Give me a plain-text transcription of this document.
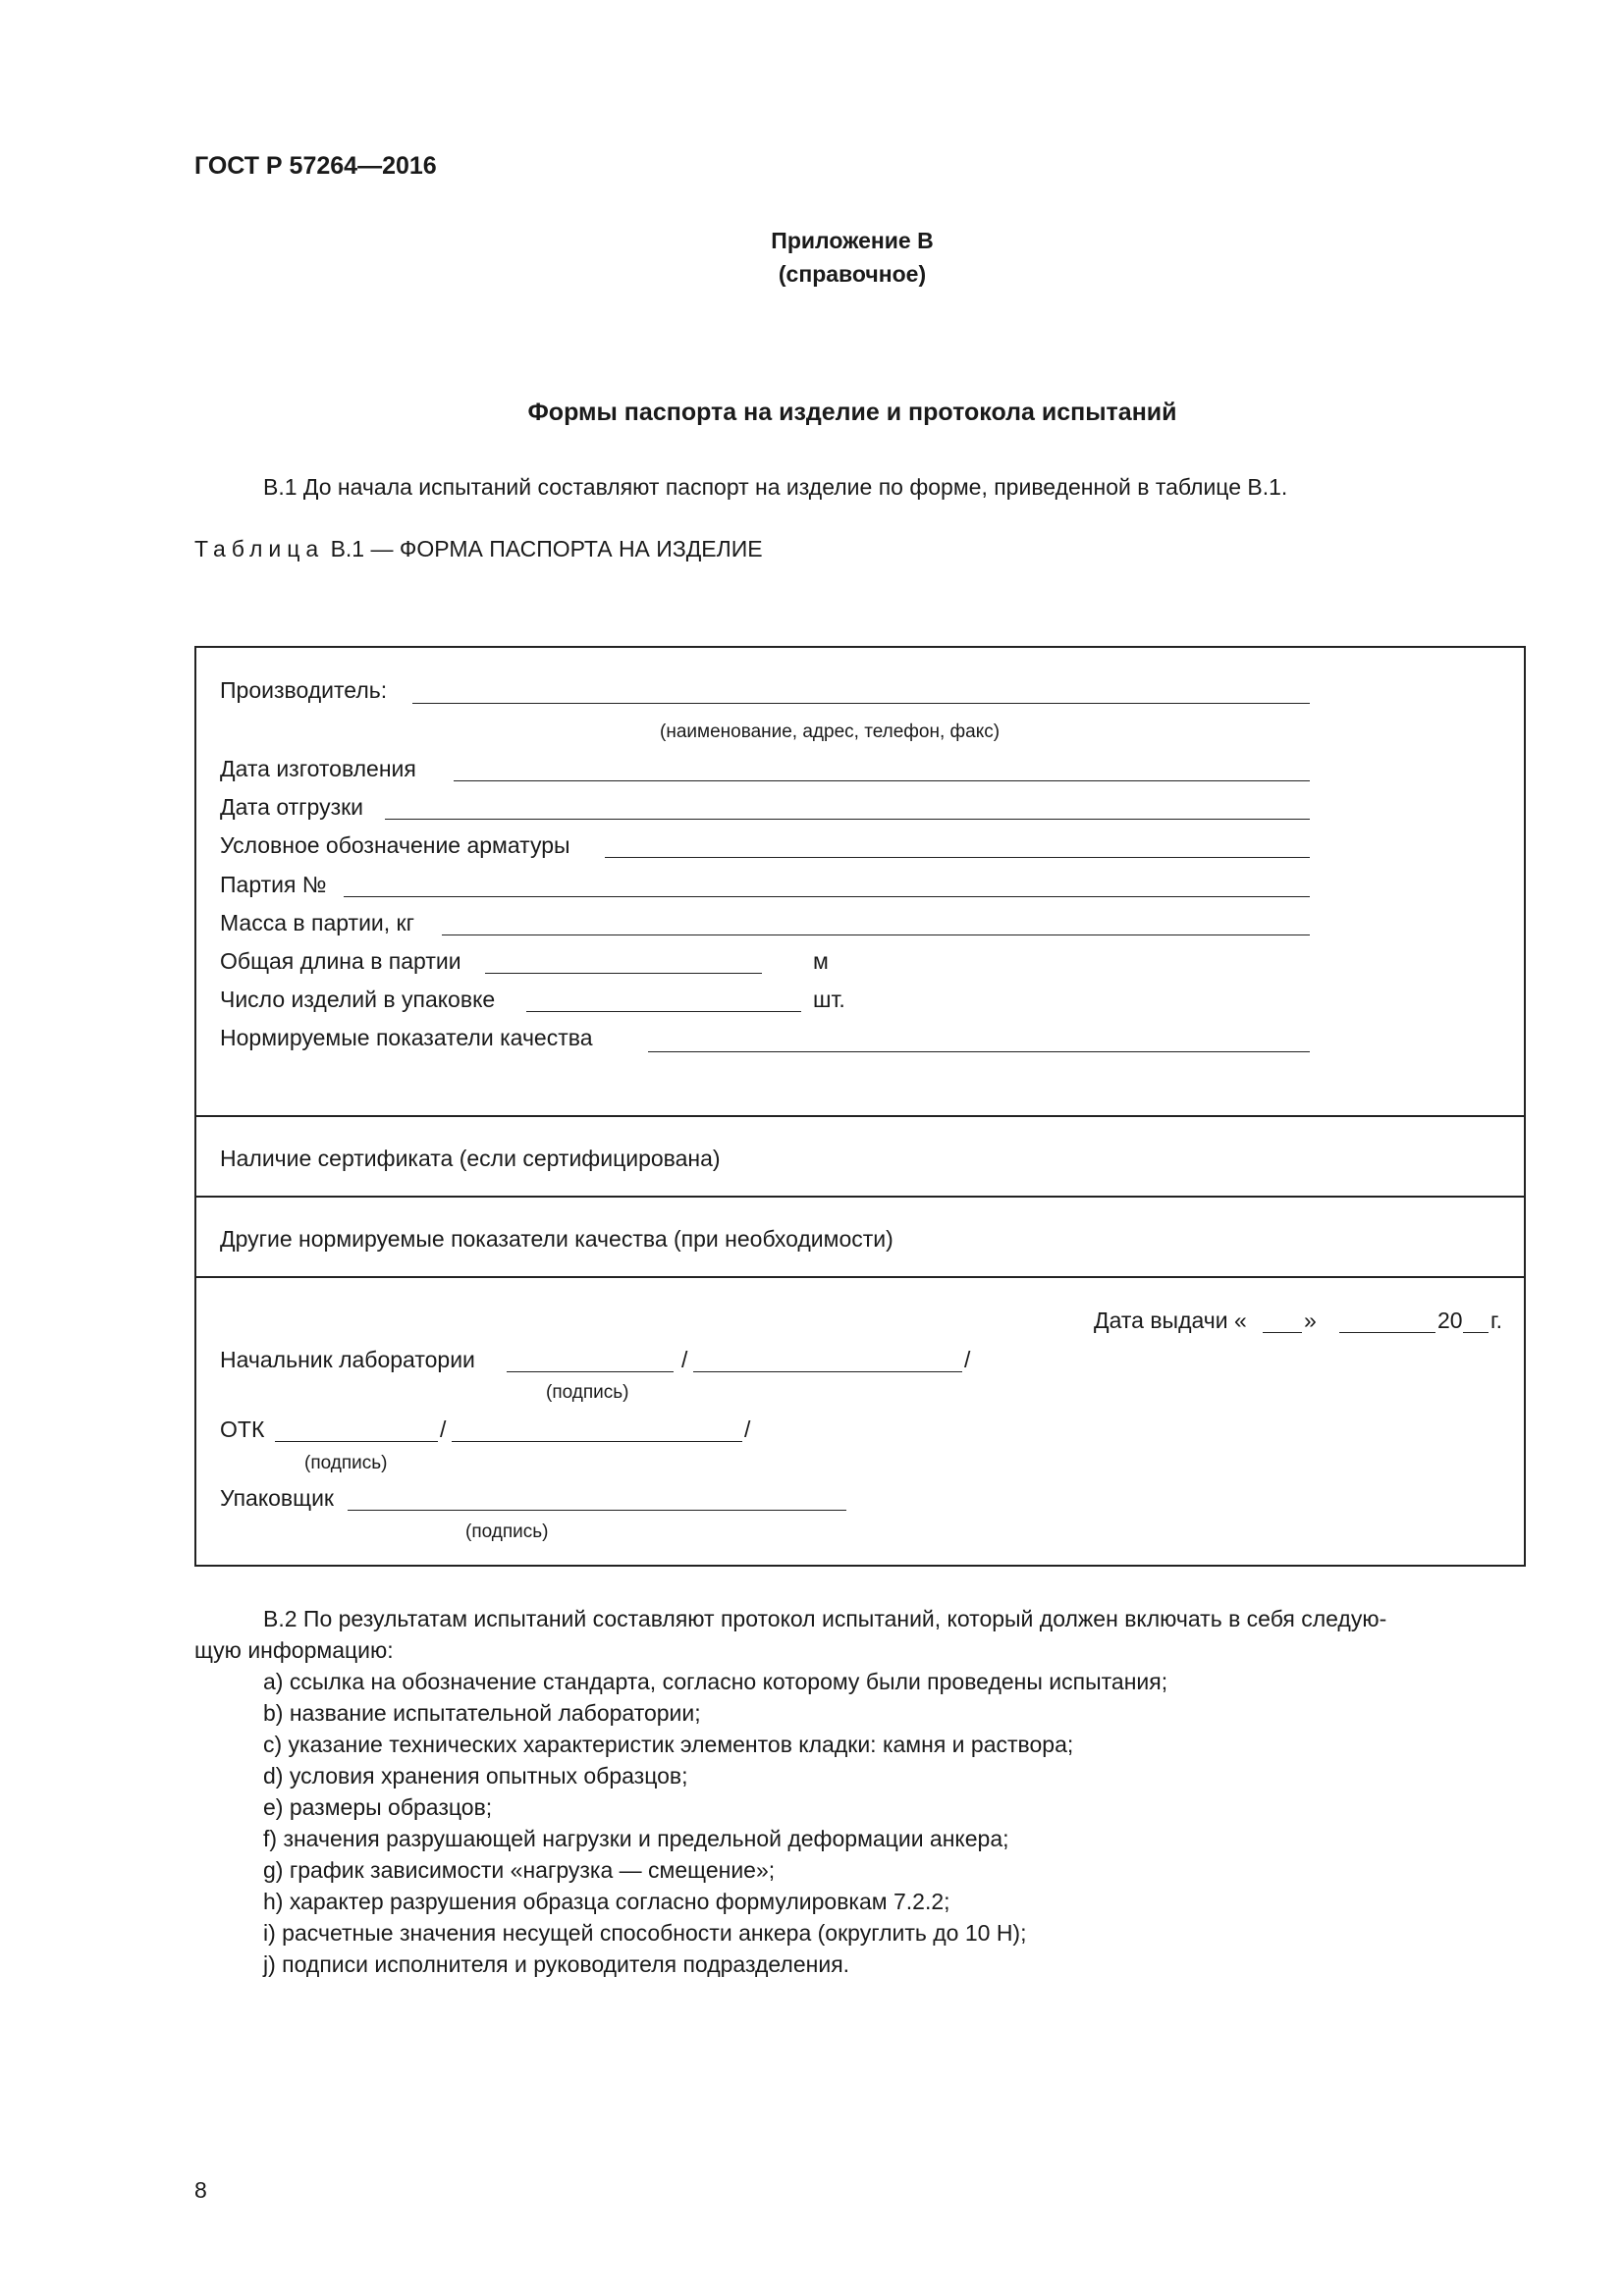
ГОСТ Р 57264—2016
Приложение В
(справочное)
Формы паспорта на изделие и протокола испытаний
В.1 До начала испытаний составляют паспорт на изделие по форме, приведенной в таблице В.1.
Таблица В.1 — ФОРМА ПАСПОРТА НА ИЗДЕЛИЕ
Производитель:
(наименование, адрес, телефон, факс)
Дата изготовления
Дата отгрузки
Условное обозначение арматуры
Партия №
Масса в партии, кг
Общая длина в партии	м
Число изделий в упаковке	шт.
Нормируемые показатели качества
Наличие сертификата (если сертифицирована)
Другие нормируемые показатели качества (при необходимости)
Дата выдачи «	»	20 г.
Начальник лаборатории	/	/
(подпись)
ОТК	/	/
(подпись)
Упаковщик
(подпись)
В.2 По результатам испытаний составляют протокол испытаний, который должен включать в себя следую-
щую информацию:
a) ссылка на обозначение стандарта, согласно которому были проведены испытания;
b) название испытательной лаборатории;
c) указание технических характеристик элементов кладки: камня и раствора;
d) условия хранения опытных образцов;
e) размеры образцов;
f) значения разрушающей нагрузки и предельной деформации анкера;
g) график зависимости «нагрузка — смещение»;
h) характер разрушения образца согласно формулировкам 7.2.2;
i) расчетные значения несущей способности анкера (округлить до 10 Н);
j) подписи исполнителя и руководителя подразделения.
8
